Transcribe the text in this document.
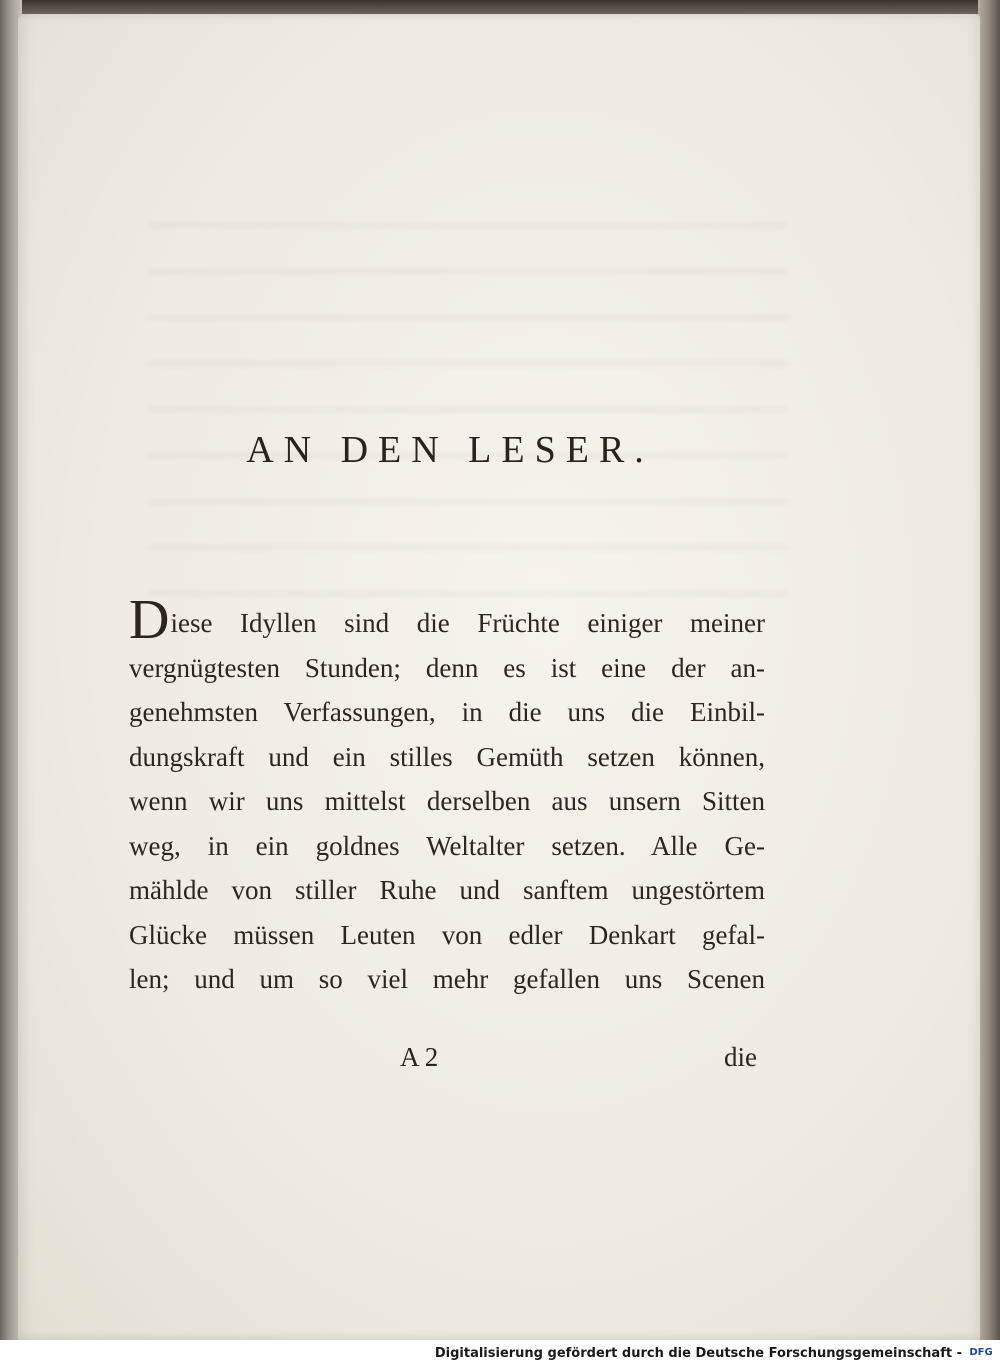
AN DEN LESER.
Diese Idyllen sind die Früchte einiger meiner
vergnügtesten Stunden; denn es ist eine der an-
genehmsten Verfassungen, in die uns die Einbil-
dungskraft und ein stilles Gemüth setzen können,
wenn wir uns mittelst derselben aus unsern Sitten
weg, in ein goldnes Weltalter setzen. Alle Ge-
mählde von stiller Ruhe und sanftem ungestörtem
Glücke müssen Leuten von edler Denkart gefal-
len; und um so viel mehr gefallen uns Scenen
A 2	die
Digitalisierung gefördert durch die Deutsche Forschungsgemeinschaft - DFG
